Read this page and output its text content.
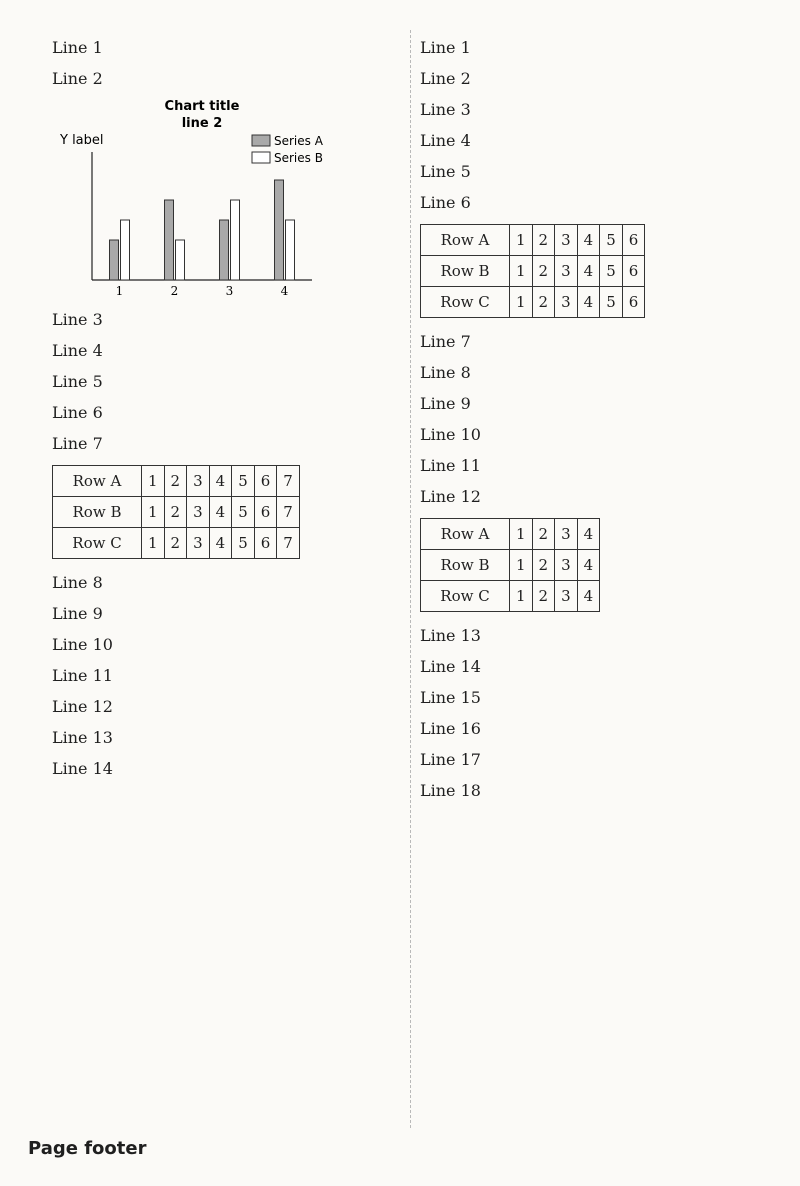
Line 1
Line 2
Chart title
line 2
Y label	Series A
Series B
1	2	3	4
Line 3
Line 4
Line 5
Line 6
Line 7
Row A	1	2	3	4	5	6	7
Row B	1	2	3	4	5	6	7
Row C	1	2	3	4	5	6	7
Line 8
Line 9
Line 10
Line 11
Line 12
Line 13
Line 14
Line 1
Line 2
Line 3
Line 4
Line 5
Line 6
Row A	1	2	3	4	5	6
Row B	1	2	3	4	5	6
Row C	1	2	3	4	5	6
Line 7
Line 8
Line 9
Line 10
Line 11
Line 12
Row A	1	2	3	4
Row B	1	2	3	4
Row C	1	2	3	4
Line 13
Line 14
Line 15
Line 16
Line 17
Line 18
Page footer
